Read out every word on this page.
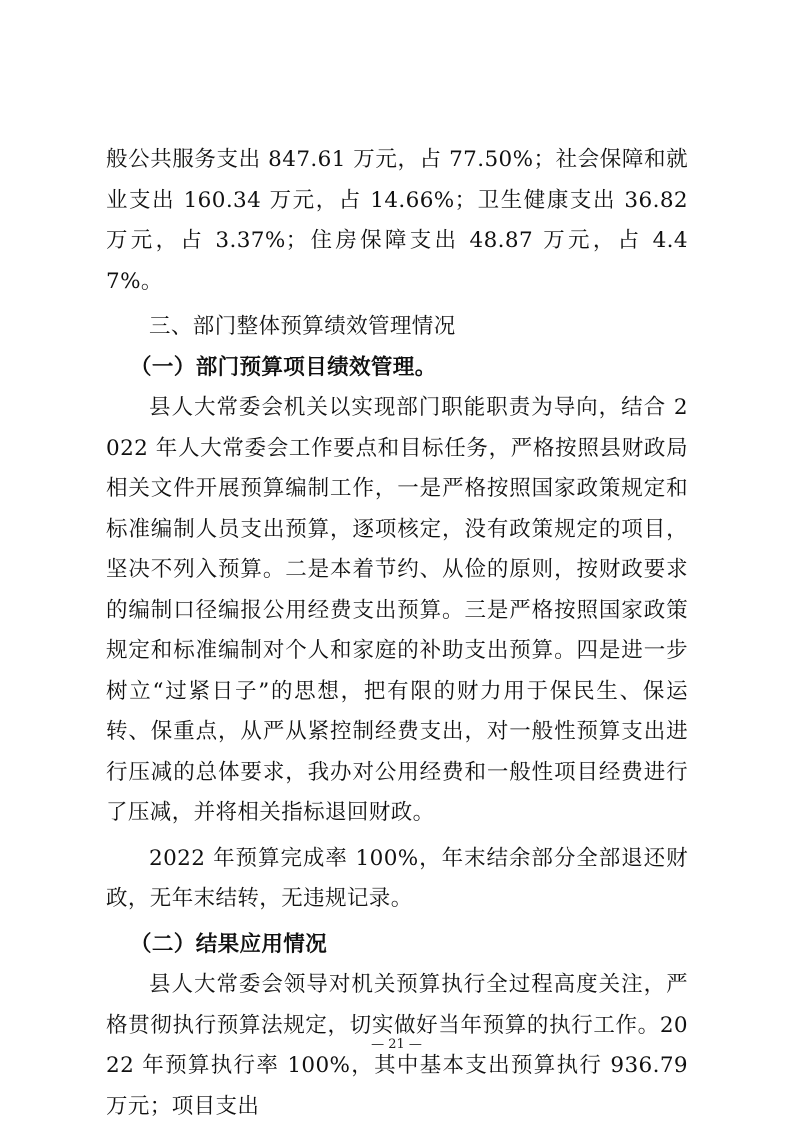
般公共服务支出 847.61 万元，占 77.50%；社会保障和就业支出 160.34 万元，占 14.66%；卫生健康支出 36.82 万元，占 3.37%；住房保障支出 48.87 万元，占 4.47%。

三、部门整体预算绩效管理情况

（一）部门预算项目绩效管理。

县人大常委会机关以实现部门职能职责为导向，结合 2022 年人大常委会工作要点和目标任务，严格按照县财政局相关文件开展预算编制工作，一是严格按照国家政策规定和标准编制人员支出预算，逐项核定，没有政策规定的项目，坚决不列入预算。二是本着节约、从俭的原则，按财政要求的编制口径编报公用经费支出预算。三是严格按照国家政策规定和标准编制对个人和家庭的补助支出预算。四是进一步树立“过紧日子”的思想，把有限的财力用于保民生、保运转、保重点，从严从紧控制经费支出，对一般性预算支出进行压减的总体要求，我办对公用经费和一般性项目经费进行了压减，并将相关指标退回财政。

2022 年预算完成率 100%，年末结余部分全部退还财政，无年末结转，无违规记录。

（二）结果应用情况

县人大常委会领导对机关预算执行全过程高度关注，严格贯彻执行预算法规定，切实做好当年预算的执行工作。2022 年预算执行率 100%，其中基本支出预算执行 936.79 万元；项目支出

— 21 —
